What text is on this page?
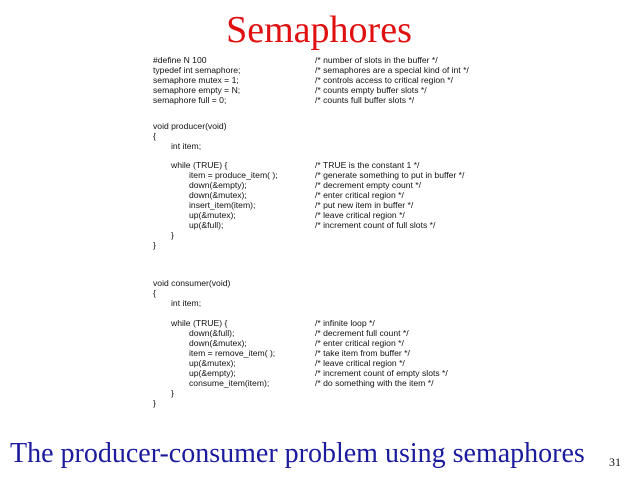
Semaphores
#define N 100	/* number of slots in the buffer */
typedef int semaphore;	/* semaphores are a special kind of int */
semaphore mutex = 1;	/* controls access to critical region */
semaphore empty = N;	/* counts empty buffer slots */
semaphore full = 0;	/* counts full buffer slots */
void producer(void)
{
int item;
while (TRUE) {	/* TRUE is the constant 1 */
item = produce_item( );	/* generate something to put in buffer */
down(&empty);	/* decrement empty count */
down(&mutex);	/* enter critical region */
insert_item(item);	/* put new item in buffer */
up(&mutex);	/* leave critical region */
up(&full);	/* increment count of full slots */
}
}
void consumer(void)
{
int item;
while (TRUE) {	/* infinite loop */
down(&full);	/* decrement full count */
down(&mutex);	/* enter critical region */
item = remove_item( );	/* take item from buffer */
up(&mutex);	/* leave critical region */
up(&empty);	/* increment count of empty slots */
consume_item(item);	/* do something with the item */
}
}
The producer-consumer problem using semaphores 31
